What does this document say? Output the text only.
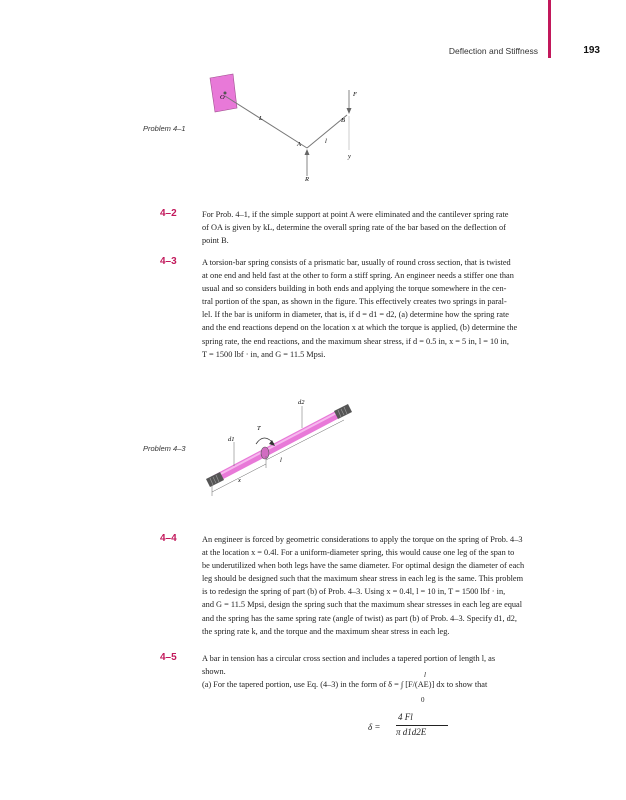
Deflection and Stiffness	193
Problem 4–1
O
L
A
B
l
F
y
R
4–2	For Prob. 4–1, if the simple support at point A were eliminated and the cantilever spring rate
of OA is given by kL, determine the overall spring rate of the bar based on the deflection of
point B.
4–3	A torsion-bar spring consists of a prismatic bar, usually of round cross section, that is twisted
at one end and held fast at the other to form a stiff spring. An engineer needs a stiffer one than
usual and so considers building in both ends and applying the torque somewhere in the cen-
tral portion of the span, as shown in the figure. This effectively creates two springs in paral-
lel. If the bar is uniform in diameter, that is, if d = d1 = d2, (a) determine how the spring rate
and the end reactions depend on the location x at which the torque is applied, (b) determine the
spring rate, the end reactions, and the maximum shear stress, if d = 0.5 in, x = 5 in, l = 10 in,
T = 1500 lbf · in, and G = 11.5 Mpsi.
Problem 4–3
T
d1
d2
x
l
4–4	An engineer is forced by geometric considerations to apply the torque on the spring of Prob. 4–3
at the location x = 0.4l. For a uniform-diameter spring, this would cause one leg of the span to
be underutilized when both legs have the same diameter. For optimal design the diameter of each
leg should be designed such that the maximum shear stress in each leg is the same. This problem
is to redesign the spring of part (b) of Prob. 4–3. Using x = 0.4l, l = 10 in, T = 1500 lbf · in,
and G = 11.5 Mpsi, design the spring such that the maximum shear stresses in each leg are equal
and the spring has the same spring rate (angle of twist) as part (b) of Prob. 4–3. Specify d1, d2,
the spring rate k, and the torque and the maximum shear stress in each leg.
4–5	A bar in tension has a circular cross section and includes a tapered portion of length l, as
shown.
(a) For the tapered portion, use Eq. (4–3) in the form of δ = ∫ [F/(AE)] dx to show that
l
0
δ =
4 Fl
π d1d2E
